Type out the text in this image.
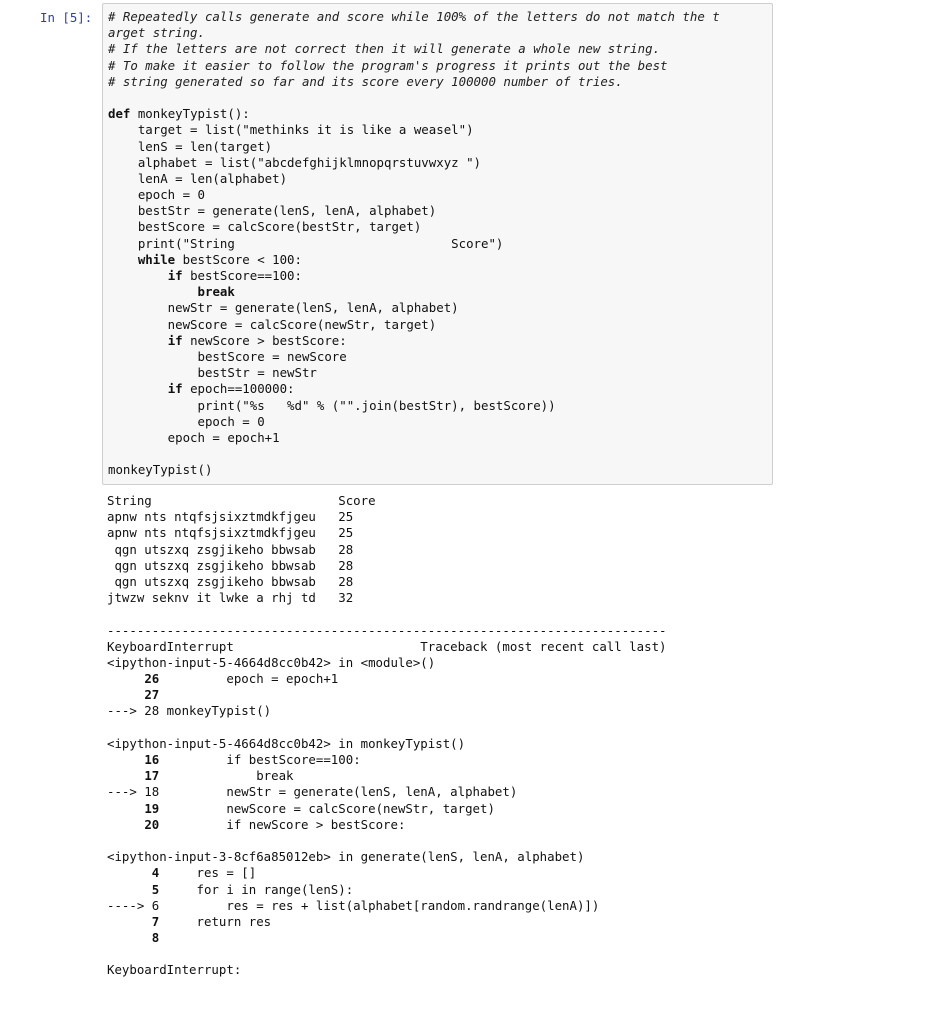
In [5]: # Repeatedly calls generate and score while 100% of the letters do not match the t
arget string.
# If the letters are not correct then it will generate a whole new string.
# To make it easier to follow the program's progress it prints out the best
# string generated so far and its score every 100000 number of tries.
def monkeyTypist():
target = list("methinks it is like a weasel")
lenS = len(target)
alphabet = list("abcdefghijklmnopqrstuvwxyz ")
lenA = len(alphabet)
epoch = 0
bestStr = generate(lenS, lenA, alphabet)
bestScore = calcScore(bestStr, target)
print("String                             Score")
while bestScore < 100:
if bestScore==100:
break
newStr = generate(lenS, lenA, alphabet)
newScore = calcScore(newStr, target)
if newScore > bestScore:
bestScore = newScore
bestStr = newStr
if epoch==100000:
print("%s   %d" % ("".join(bestStr), bestScore))
epoch = 0
epoch = epoch+1
monkeyTypist()
String                         Score
apnw nts ntqfsjsixztmdkfjgeu   25
apnw nts ntqfsjsixztmdkfjgeu   25
qgn utszxq zsgjikeho bbwsab   28
qgn utszxq zsgjikeho bbwsab   28
qgn utszxq zsgjikeho bbwsab   28
jtwzw seknv it lwke a rhj td   32
---------------------------------------------------------------------------
KeyboardInterrupt                         Traceback (most recent call last)
<ipython-input-5-4664d8cc0b42> in <module>()
26         epoch = epoch+1
27
---> 28 monkeyTypist()
<ipython-input-5-4664d8cc0b42> in monkeyTypist()
16         if bestScore==100:
17             break
---> 18         newStr = generate(lenS, lenA, alphabet)
19         newScore = calcScore(newStr, target)
20         if newScore > bestScore:
<ipython-input-3-8cf6a85012eb> in generate(lenS, lenA, alphabet)
4     res = []
5     for i in range(lenS):
----> 6         res = res + list(alphabet[random.randrange(lenA)])
7     return res
8
KeyboardInterrupt:
